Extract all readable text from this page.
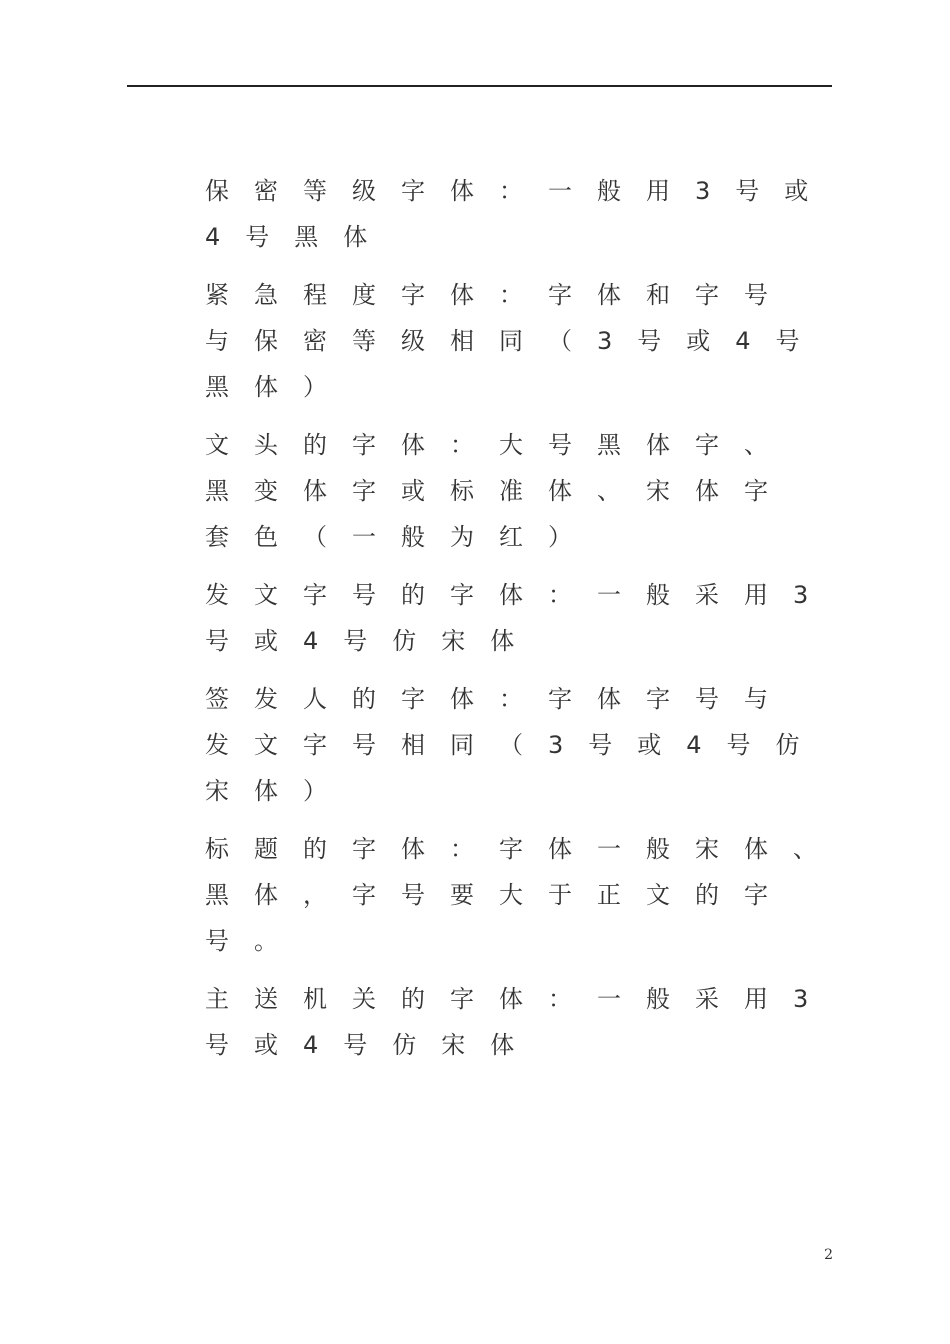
保密等级字体：一般用3号或
4号黑体
紧急程度字体：字体和字号
与保密等级相同（3号或4号
黑体）
文头的字体：大号黑体字、
黑变体字或标准体、宋体字
套色（一般为红）
发文字号的字体：一般采用3
号或4号仿宋体
签发人的字体：字体字号与
发文字号相同（3号或4号仿
宋体）
标题的字体：字体一般宋体、
黑体，字号要大于正文的字
号。
主送机关的字体：一般采用3
号或4号仿宋体
2
